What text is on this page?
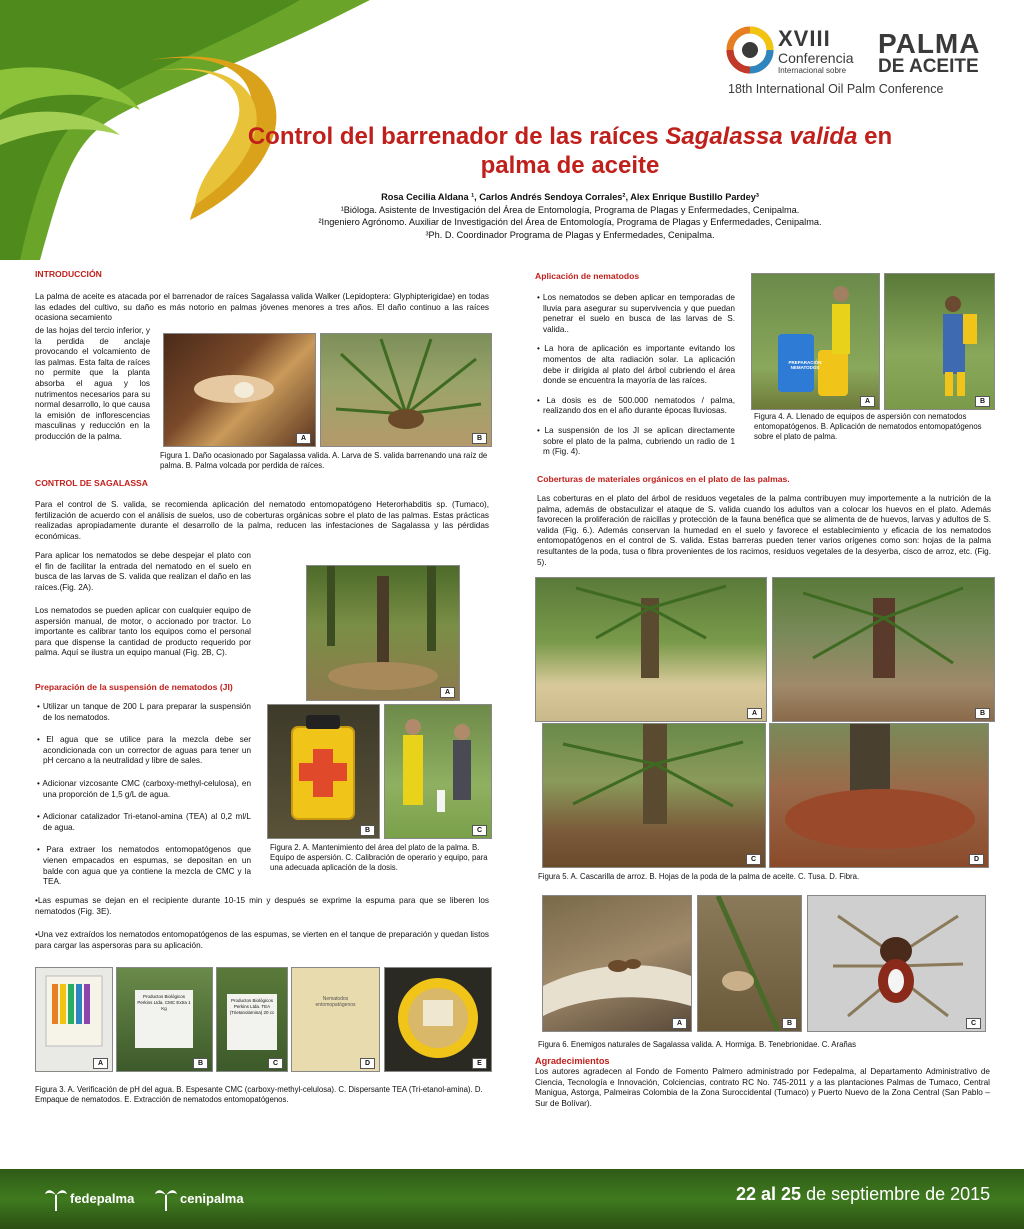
XVIII
Conferencia
Internacional sobre
PALMA
DE ACEITE
18th International Oil Palm Conference
Control del barrenador de las raíces Sagalassa valida en
palma de aceite
Rosa Cecilia Aldana ¹, Carlos Andrés Sendoya Corrales², Alex Enrique Bustillo Pardey³
¹Bióloga. Asistente de Investigación del Área de Entomología, Programa de Plagas y Enfermedades, Cenipalma.
²Ingeniero Agrónomo. Auxiliar de Investigación del Área de Entomología, Programa de Plagas y Enfermedades, Cenipalma.
³Ph. D. Coordinador Programa de Plagas y Enfermedades, Cenipalma.
INTRODUCCIÓN
La palma de aceite es atacada por el barrenador de raíces Sagalassa valida Walker (Lepidoptera: Glyphipterigidae) en todas las edades del cultivo, su daño es más notorio en palmas jóvenes menores a tres años. El daño continuo a las raíces ocasiona secamiento
de las hojas del tercio inferior, y la perdida de anclaje provocando el volcamiento de las palmas. Esta falta de raíces no permite que la planta absorba el agua y los nutrimentos necesarios para su normal desarrollo, lo que causa la emisión de inflorescencias masculinas y reducción en la producción de la palma.	A	B
Figura 1. Daño ocasionado por Sagalassa valida. A. Larva de S. valida barrenando una raíz de palma. B. Palma volcada por perdida de raíces.
CONTROL DE SAGALASSA
Para el control de S. valida, se recomienda aplicación del nematodo entomopatógeno Heterorhabditis sp. (Tumaco), fertilización de acuerdo con el análisis de suelos, uso de coberturas orgánicas sobre el plato de las palmas. Estas prácticas realizadas apropiadamente durante el desarrollo de la palma, reducen las infestaciones de Sagalassa y las pérdidas económicas.
Para aplicar los nematodos se debe despejar el plato con el fin de facilitar la entrada del nematodo en el suelo en busca de las larvas de S. valida que realizan el daño en las raíces.(Fig. 2A).
Los nematodos se pueden aplicar con cualquier equipo de aspersión manual, de motor, o accionado por tractor. Lo importante es calibrar tanto los equipos como el personal para que dispense la cantidad de producto requerido por palma. Aquí se ilustra un equipo manual (Fig. 2B, C).
A
Preparación de la suspensión de nematodos (JI)
• Utilizar un tanque de 200 L para preparar la suspensión de los nematodos.
• El agua que se utilice para la mezcla debe ser acondicionada con un corrector de aguas para tener un pH cercano a la neutralidad y libre de sales.
• Adicionar vizcosante CMC (carboxy-methyl-celulosa), en una proporción de 1,5 g/L de agua.
• Adicionar catalizador Tri-etanol-amina (TEA) al 0,2 ml/L de agua.
• Para extraer los nematodos entomopatógenos que vienen empacados en espumas, se depositan en un balde con agua que ya contiene la mezcla de CMC y la TEA.
B	C
Figura 2. A. Mantenimiento del área del plato de la palma. B. Equipo de aspersión. C. Calibración de operario y equipo, para una adecuada aplicación de la dosis.
•Las espumas se dejan en el recipiente durante 10-15 min y después se exprime la espuma para que se liberen los nematodos (Fig. 3E).
•Una vez extraídos los nematodos entomopatógenos de las espumas, se vierten en el tanque de preparación y quedan listos para cargar las aspersoras para su aplicación.
A
Productos Biológicos Perkins Ltda. CMC Extra 1 Kg
B
Productos Biológicos Perkins Ltda. TEA (Trietanolamina) 20 cc
C
Nematodos entomopatógenos
D	E
Figura 3. A. Verificación de pH del agua. B. Espesante CMC (carboxy-methyl-celulosa). C. Dispersante TEA (Tri-etanol-amina). D. Empaque de nematodos. E. Extracción de nematodos entomopatógenos.
Aplicación de nematodos
• Los nematodos se deben aplicar en temporadas de lluvia para asegurar su supervivencia y que puedan penetrar el suelo en busca de las larvas de S. valida..
• La hora de aplicación es importante evitando los momentos de alta radiación solar. La aplicación debe ir dirigida al plato del árbol cubriendo el área donde se encuentra la mayoría de las raíces.
• La dosis es de 500.000 nematodos / palma, realizando dos en el año durante épocas lluviosas.
• La suspensión de los JI se aplican directamente sobre el plato de la palma, cubriendo un radio de 1 m (Fig. 4).
PREPARACIÓN NEMATODOS
A	B
Figura 4. A. Llenado de equipos de aspersión con nematodos entomopatógenos. B. Aplicación de nematodos entomopatógenos sobre el plato de palma.
Coberturas de materiales orgánicos en el plato de las palmas.
Las coberturas en el plato del árbol de residuos vegetales de la palma contribuyen muy importemente a la nutrición de la palma, además de obstaculizar el ataque de S. valida cuando los adultos van a colocar los huevos en el plato. Además favorecen la proliferación de raicillas y protección de la fauna benéfica que se alimenta de de huevos, larvas y adultos de S. valida (Fig. 6.). Además conservan la humedad en el suelo y favorece el establecimiento y eficacia de los nematodos entomopatógenos en el control de S. valida. Estas barreras pueden tener varios orígenes como son: hojas de la palma resultantes de la poda, tusa o fibra provenientes de los racimos, residuos vegetales de la desyerba, cisco de arroz, etc. (Fig. 5).
A	B
C	D
Figura 5. A. Cascarilla de arroz. B. Hojas de la poda de la palma de aceite. C. Tusa. D. Fibra.
A	B	C
Figura 6. Enemigos naturales de Sagalassa valida. A. Hormiga. B. Tenebrionidae. C. Arañas
Agradecimientos
Los autores agradecen al Fondo de Fomento Palmero administrado por Fedepalma, al Departamento Administrativo de Ciencia, Tecnología e Innovación, Colciencias, contrato RC No. 745-2011 y a las plantaciones Palmas de Tumaco, Central Manigua, Astorga, Palmeiras Colombia de la Zona Suroccidental (Tumaco) y Puerto Nuevo de la Zona Central (San Pablo – Sur de Bolívar).
fedepalma	cenipalma	22 al 25 de septiembre de 2015
